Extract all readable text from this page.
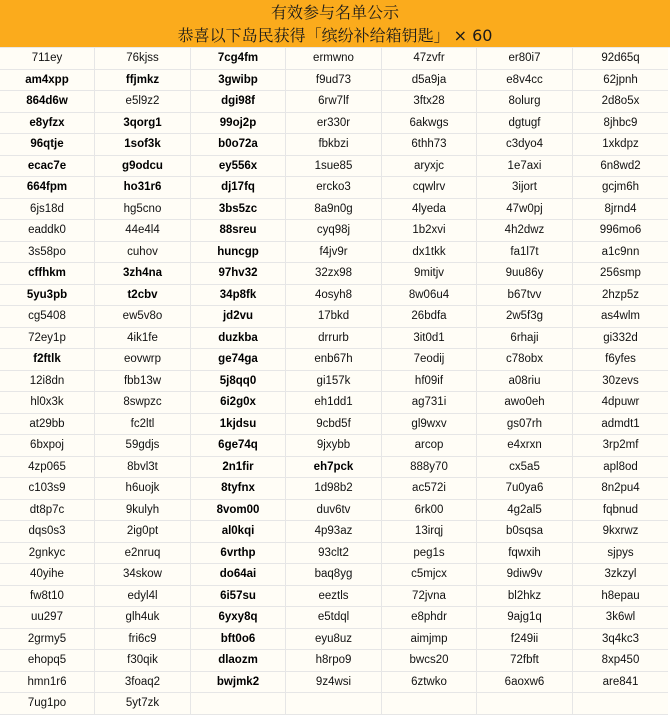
有效参与名单公示
恭喜以下岛民获得「缤纷补给箱钥匙」 × 60
711ey	76kjss	7cg4fm	ermwno	47zvfr	er80i7	92d65q
am4xpp	ffjmkz	3gwibp	f9ud73	d5a9ja	e8v4cc	62jpnh
864d6w	e5l9z2	dgi98f	6rw7lf	3ftx28	8olurg	2d8o5x
e8yfzx	3qorg1	99oj2p	er330r	6akwgs	dgtugf	8jhbc9
96qtje	1sof3k	b0o72a	fbkbzi	6thh73	c3dyo4	1xkdpz
ecac7e	g9odcu	ey556x	1sue85	aryxjc	1e7axi	6n8wd2
664fpm	ho31r6	dj17fq	ercko3	cqwlrv	3ijort	gcjm6h
6js18d	hg5cno	3bs5zc	8a9n0g	4lyeda	47w0pj	8jrnd4
eaddk0	44e4l4	88sreu	cyq98j	1b2xvi	4h2dwz	996mo6
3s58po	cuhov	huncgp	f4jv9r	dx1tkk	fa1l7t	a1c9nn
cffhkm	3zh4na	97hv32	32zx98	9mitjv	9uu86y	256smp
5yu3pb	t2cbv	34p8fk	4osyh8	8w06u4	b67tvv	2hzp5z
cg5408	ew5v8o	jd2vu	17bkd	26bdfa	2w5f3g	as4wlm
72ey1p	4ik1fe	duzkba	drrurb	3it0d1	6rhaji	gi332d
f2ftlk	eovwrp	ge74ga	enb67h	7eodij	c78obx	f6yfes
12i8dn	fbb13w	5j8qq0	gi157k	hf09if	a08riu	30zevs
hl0x3k	8swpzc	6i2g0x	eh1dd1	ag731i	awo0eh	4dpuwr
at29bb	fc2ltl	1kjdsu	9cbd5f	gl9wxv	gs07rh	admdt1
6bxpoj	59gdjs	6ge74q	9jxybb	arcop	e4xrxn	3rp2mf
4zp065	8bvl3t	2n1fir	eh7pck	888y70	cx5a5	apl8od
c103s9	h6uojk	8tyfnx	1d98b2	ac572i	7u0ya6	8n2pu4
dt8p7c	9kulyh	8vom00	duv6tv	6rk00	4g2al5	fqbnud
dqs0s3	2ig0pt	al0kqi	4p93az	13irqj	b0sqsa	9kxrwz
2gnkyc	e2nruq	6vrthp	93clt2	peg1s	fqwxih	sjpys
40yihe	34skow	do64ai	baq8yg	c5mjcx	9diw9v	3zkzyl
fw8t10	edyl4l	6i57su	eeztls	72jvna	bl2hkz	h8epau
uu297	glh4uk	6yxy8q	e5tdql	e8phdr	9ajg1q	3k6wl
2grmy5	fri6c9	bft0o6	eyu8uz	aimjmp	f249ii	3q4kc3
ehopq5	f30qik	dlaozm	h8rpo9	bwcs20	72fbft	8xp450
hmn1r6	3foaq2	bwjmk2	9z4wsi	6ztwko	6aoxw6	are841
7ug1po	5yt7zk
